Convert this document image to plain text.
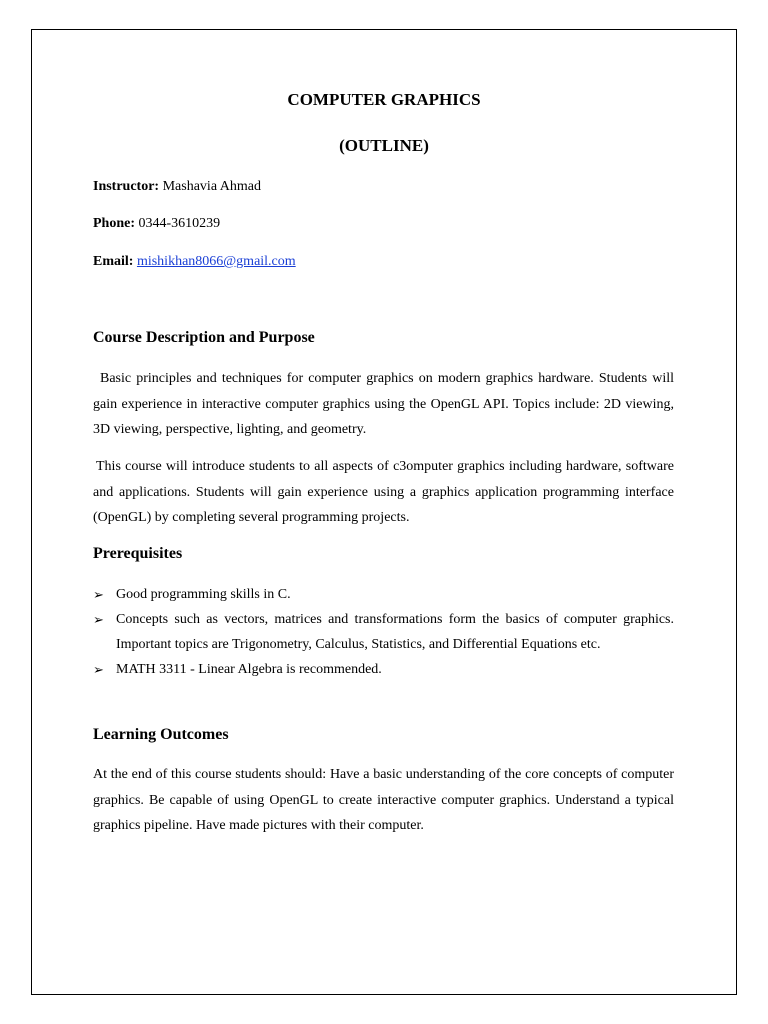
COMPUTER GRAPHICS
(OUTLINE)
Instructor: Mashavia Ahmad
Phone: 0344-3610239
Email: mishikhan8066@gmail.com
Course Description and Purpose
Basic principles and techniques for computer graphics on modern graphics hardware. Students will gain experience in interactive computer graphics using the OpenGL API. Topics include: 2D viewing, 3D viewing, perspective, lighting, and geometry.
This course will introduce students to all aspects of c3omputer graphics including hardware, software and applications. Students will gain experience using a graphics application programming interface (OpenGL) by completing several programming projects.
Prerequisites
➢ Good programming skills in C.
➢ Concepts such as vectors, matrices and transformations form the basics of computer graphics. Important topics are Trigonometry, Calculus, Statistics, and Differential Equations etc.
➢ MATH 3311 - Linear Algebra is recommended.
Learning Outcomes
At the end of this course students should: Have a basic understanding of the core concepts of computer graphics. Be capable of using OpenGL to create interactive computer graphics. Understand a typical graphics pipeline. Have made pictures with their computer.
